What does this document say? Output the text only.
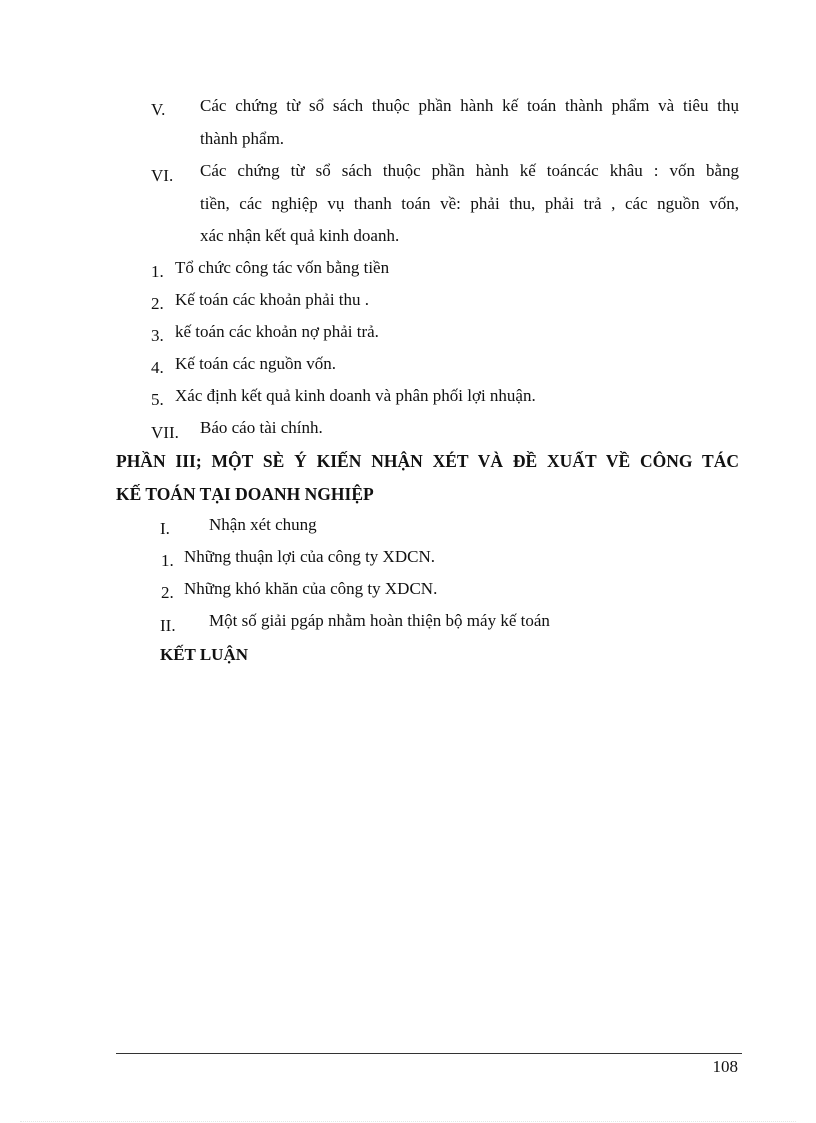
V. Các chứng từ sổ sách thuộc phần hành kế toán thành phẩm và tiêu thụ
thành phẩm.
VI. Các chứng từ sổ sách thuộc phần hành kế toáncác khâu : vốn bằng
tiền, các nghiệp vụ thanh toán về: phải thu, phải trả , các nguồn vốn,
xác nhận kết quả kinh doanh.
1. Tổ chức công tác vốn bằng tiền
2. Kế toán các khoản phải thu .
3. kế toán các khoản nợ phải trả.
4. Kế toán các nguồn vốn.
5. Xác định kết quả kinh doanh và phân phối lợi nhuận.
VII. Báo cáo tài chính.
PHẦN III; MỘT SÈ Ý KIẾN NHẬN XÉT VÀ ĐỀ XUẤT VỀ CÔNG TÁC
KẾ TOÁN TẠI DOANH NGHIỆP
I. Nhận xét chung
1. Những thuận lợi của công ty XDCN.
2. Những khó khăn của công ty XDCN.
II. Một số giải pgáp nhằm hoàn thiện bộ máy kế toán
KẾT LUẬN
108
